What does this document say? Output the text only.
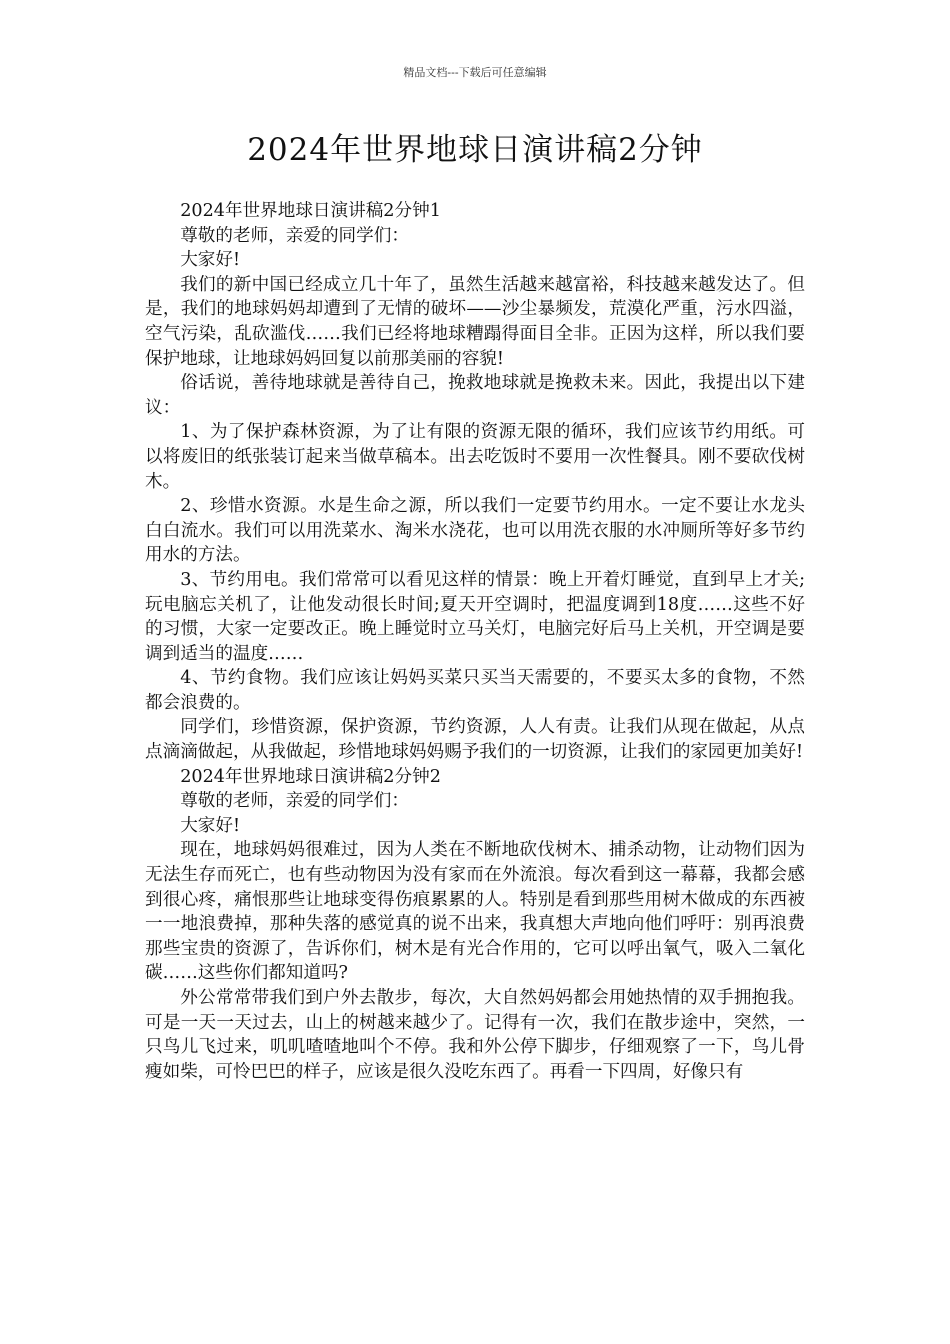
精品文档---下载后可任意编辑
2024年世界地球日演讲稿2分钟

2024年世界地球日演讲稿2分钟1

尊敬的老师，亲爱的同学们：

大家好!

我们的新中国已经成立几十年了，虽然生活越来越富裕，科技越来越发达了。但是，我们的地球妈妈却遭到了无情的破坏——沙尘暴频发，荒漠化严重，污水四溢，空气污染，乱砍滥伐……我们已经将地球糟蹋得面目全非。正因为这样，所以我们要保护地球，让地球妈妈回复以前那美丽的容貌!

俗话说，善待地球就是善待自己，挽救地球就是挽救未来。因此，我提出以下建议：

1、为了保护森林资源，为了让有限的资源无限的循环，我们应该节约用纸。可以将废旧的纸张装订起来当做草稿本。出去吃饭时不要用一次性餐具。刚不要砍伐树木。

2、珍惜水资源。水是生命之源，所以我们一定要节约用水。一定不要让水龙头白白流水。我们可以用洗菜水、淘米水浇花，也可以用洗衣服的水冲厕所等好多节约用水的方法。

3、节约用电。我们常常可以看见这样的情景：晚上开着灯睡觉，直到早上才关;玩电脑忘关机了，让他发动很长时间;夏天开空调时，把温度调到18度……这些不好的习惯，大家一定要改正。晚上睡觉时立马关灯，电脑完好后马上关机，开空调是要调到适当的温度……

4、节约食物。我们应该让妈妈买菜只买当天需要的，不要买太多的食物，不然都会浪费的。

同学们，珍惜资源，保护资源，节约资源，人人有责。让我们从现在做起，从点点滴滴做起，从我做起，珍惜地球妈妈赐予我们的一切资源，让我们的家园更加美好!

2024年世界地球日演讲稿2分钟2

尊敬的老师，亲爱的同学们：

大家好!

现在，地球妈妈很难过，因为人类在不断地砍伐树木、捕杀动物，让动物们因为无法生存而死亡，也有些动物因为没有家而在外流浪。每次看到这一幕幕，我都会感到很心疼，痛恨那些让地球变得伤痕累累的人。特别是看到那些用树木做成的东西被一一地浪费掉，那种失落的感觉真的说不出来，我真想大声地向他们呼吁：别再浪费那些宝贵的资源了，告诉你们，树木是有光合作用的，它可以呼出氧气，吸入二氧化碳……这些你们都知道吗?

外公常常带我们到户外去散步，每次，大自然妈妈都会用她热情的双手拥抱我。可是一天一天过去，山上的树越来越少了。记得有一次，我们在散步途中，突然，一只鸟儿飞过来，叽叽喳喳地叫个不停。我和外公停下脚步，仔细观察了一下，鸟儿骨瘦如柴，可怜巴巴的样子，应该是很久没吃东西了。再看一下四周，好像只有
